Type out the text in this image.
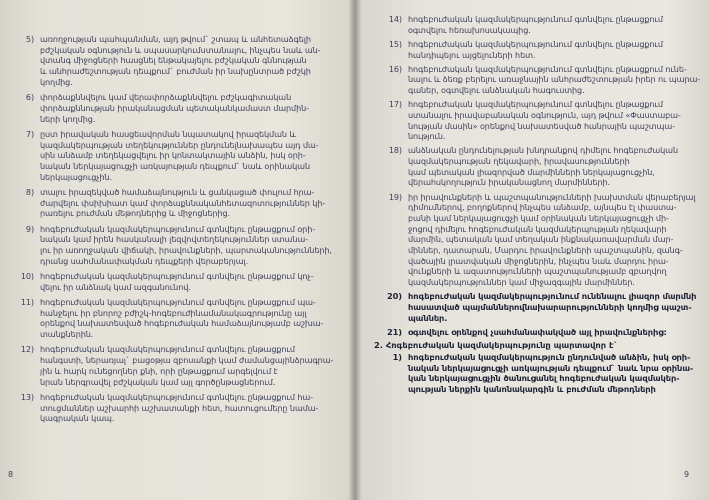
5) առողջության պահպանման, այդ թվում` շտապ և անհետաձգելի
բժշկական օգնություն և սպասարկումստանալու, ինչպես նաև ան-
վտանգ միջոցների հասցնել ենթակայելու բժշկական գննության
և անհրաժեշտության դեպքում` բուժման իր նախընտրած բժշկի
կողմից.
6) փորձաքննվելու կամ վերափորձաքննվելու բժշկագիտական
փորձաքննության իրականացման պետականկամաստ մարմին-
ների կողմից.
7) ըստ իրավական հասցեավորման նպատակով իրազեկման և
կազմակերպության տեղեկություններ ընդունելնախապես այդ մա-
սին անձամբ տեղեկացվելու իր կոնտակտային անձին, իսկ օրի-
նական ներկայացուցչի առկայության դեպքում` նաև օրինական
ներկայացուցչին.
8) տալու իրազեկված համաձայնություն և ցանկացած փուլում հրա-
ժարվելու փսիխիատ կամ փորձաքննականհետազոտություններ կի-
րառելու բուժման մեթոդներից և միջոցներից.
9) հոգեբուժական կազմակերպությունում գտնվելու ընթացքում օրի-
նական կամ իրեն հասկանալի լեզվովտեղեկություններ ստանա-
լու իր առողջական վիճակի, իրավունքների, պարտականությունների,
դրանց սահմանափակման դեպքերի վերաբերյալ.
10) հոգեբուժական կազմակերպությունում գտնվելու ընթացքում կոչ-
վելու իր անձնակ կամ ազգանունով.
11) հոգեբուժական կազմակերպությունում գտնվելու ընթացքում պա-
հանջելու իր բնորոշ բժիշկ-հոգեբուժինամանակագրությունը այլ
օրենքով նախատեսված հոգեբուժական համաձայնությամբ աշխա-
տանքներին.
12) հոգեբուժական կազմակերպությունում գտնվելու ընթացքում
հանգստի, ներառյալ` բացօթյա զբոսանքի կամ ժամանցայինձրագրա-
յին և հարկ ունեցողներ քնի, որի ընթացքում արգելվում է
նրան ներգրավել բժշկական կամ այլ գործընթացներում.
13) հոգեբուժական կազմակերպությունում գտնվելու ընթացքում հա-
տուցմաններ աշխարհի աշխատանքի հետ, հատուցումերը նամա-
կագրական կապ.
14) հոգեբուժական կազմակերպությունում գտնվելու ընթացքում
օգտվելու հեռախոսակապից.
15) հոգեբուժական կազմակերպությունում գտնվելու ընթացքում
հանդիպելու այցելուների հետ.
16) հոգեբուժական կազմակերպությունում գտնվելու ընթացքում ունե-
նալու և ձեռք բերելու առաջնային անհրաժեշտության իրեր ու պարա-
գաներ, օգտվելու անձնական հագուստից.
17) հոգեբուժական կազմակերպությունում գտնվելու ընթացքում
ստանալու իրավաբանական օգնություն, այդ թվում «Փաստաբա-
նության մասին» օրենքով նախատեսված հանրային պաշտպա-
նություն.
18) անձնական ընդունելության խնդրանքով դիմելու հոգեբուժական
կազմակերպության ղեկավարի, իրավասությունների
կամ պետական լիազորված մարմինների ներկայացուցչին,
վերահսկողություն իրականացնող մարմինների.
19) իր իրավունքների և պաշտպանությունների խախտման վերաբերյալ
դիմումներով, բողոքներով ինչպես անձամբ, այնպես էլ փաստա-
բանի կամ ներկայացուցչի կամ օրինական ներկայացուցչի մի-
ջոցով դիմելու հոգեբուժական կազմակերպության ղեկավարի
մարմին, պետական կամ տեղական ինքնակառավարման մար-
միններ, դատարան, Մարդու իրավունքների պաշտպանին, զանգ-
վածային լրատվական միջոցներին, ինչպես նաև մարդու իրա-
վունքների և ազատությունների պաշտպանությամբ զբաղվող
կազմակերպություններ կամ միջազգային մարմիններ.
20) հոգեբուժական կազմակերպությունում ունենալու լիազոր մարմնի
հասատված պայմաններովնախարարությունների կողմից պաշտ-
պաններ.
21) օգտվելու օրենքով չսահմանափակված այլ իրավունքներից:
2. Հոգեբուժական կազմակերպությունը պարտավոր է`
1) հոգեբուժական կազմակերպություն ընդունված անձին, իսկ օրի-
նական ներկայացուցչի առկայության դեպքում` նաև նրա օրինա-
կան ներկայացուցչին ծանուցանել հոգեբուժական կազմակեր-
պության ներքին կանոնակարգին և բուժման մեթոդների
8	9
